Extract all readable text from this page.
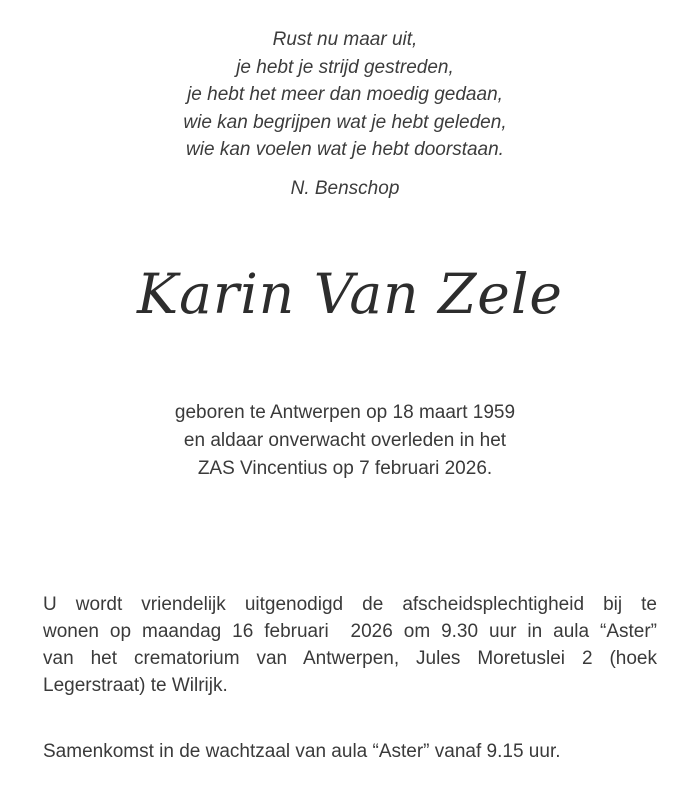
Rust nu maar uit,
je hebt je strijd gestreden,
je hebt het meer dan moedig gedaan,
wie kan begrijpen wat je hebt geleden,
wie kan voelen wat je hebt doorstaan.
N. Benschop
Karin Van Zele
geboren te Antwerpen op 18 maart 1959
en aldaar onverwacht overleden in het
ZAS Vincentius op 7 februari 2026.
U wordt vriendelijk uitgenodigd de afscheidsplechtigheid bij te
wonen op maandag 16 februari  2026 om 9.30 uur in aula “Aster”
van het crematorium van Antwerpen, Jules Moretuslei 2 (hoek
Legerstraat) te Wilrijk.
Samenkomst in de wachtzaal van aula “Aster” vanaf 9.15 uur.
